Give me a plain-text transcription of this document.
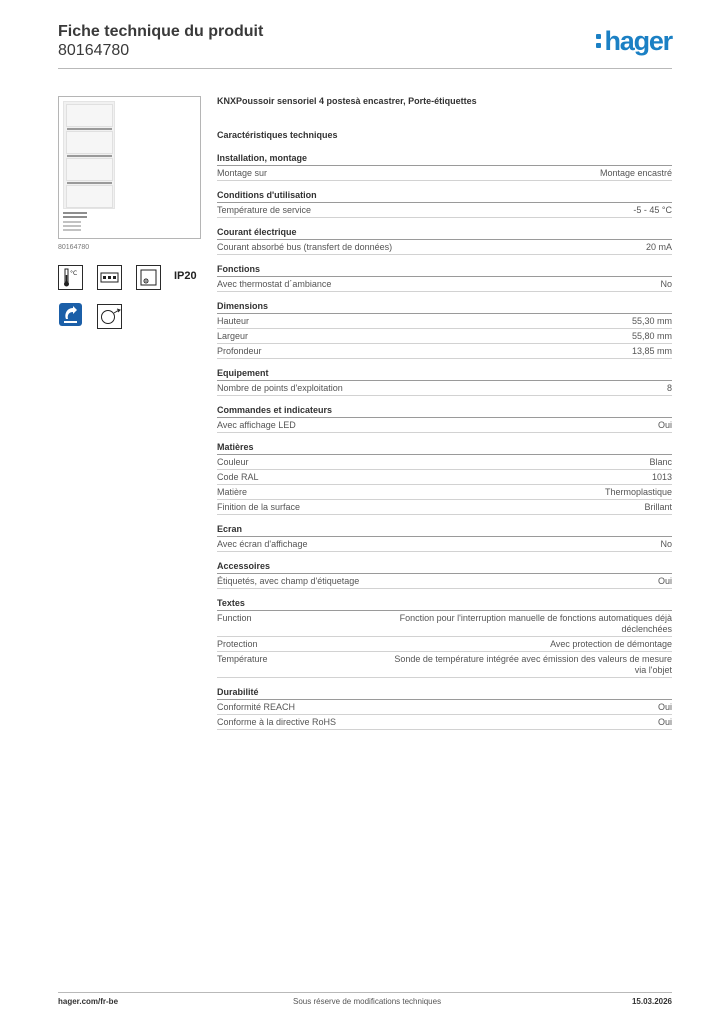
Fiche technique du produit
80164780	hager
80164780
°C	IP20
KNXPoussoir sensoriel 4 postesà encastrer, Porte-étiquettes
Caractéristiques techniques
Installation, montage
Montage sur	Montage encastré
Conditions d'utilisation
Température de service	-5 - 45 °C
Courant électrique
Courant absorbé bus (transfert de données)	20 mA
Fonctions
Avec thermostat d´ambiance	No
Dimensions
Hauteur	55,30 mm
Largeur	55,80 mm
Profondeur	13,85 mm
Equipement
Nombre de points d'exploitation	8
Commandes et indicateurs
Avec affichage LED	Oui
Matières
Couleur	Blanc
Code RAL	1013
Matière	Thermoplastique
Finition de la surface	Brillant
Ecran
Avec écran d'affichage	No
Accessoires
Étiquetés, avec champ d'étiquetage	Oui
Textes
Function	Fonction pour l'interruption manuelle de fonctions automatiques déjà déclenchées
Protection	Avec protection de démontage
Température	Sonde de température intégrée avec émission des valeurs de mesure via l'objet
Durabilité
Conformité REACH	Oui
Conforme à la directive RoHS	Oui
hager.com/fr-be	Sous réserve de modifications techniques	15.03.2026
